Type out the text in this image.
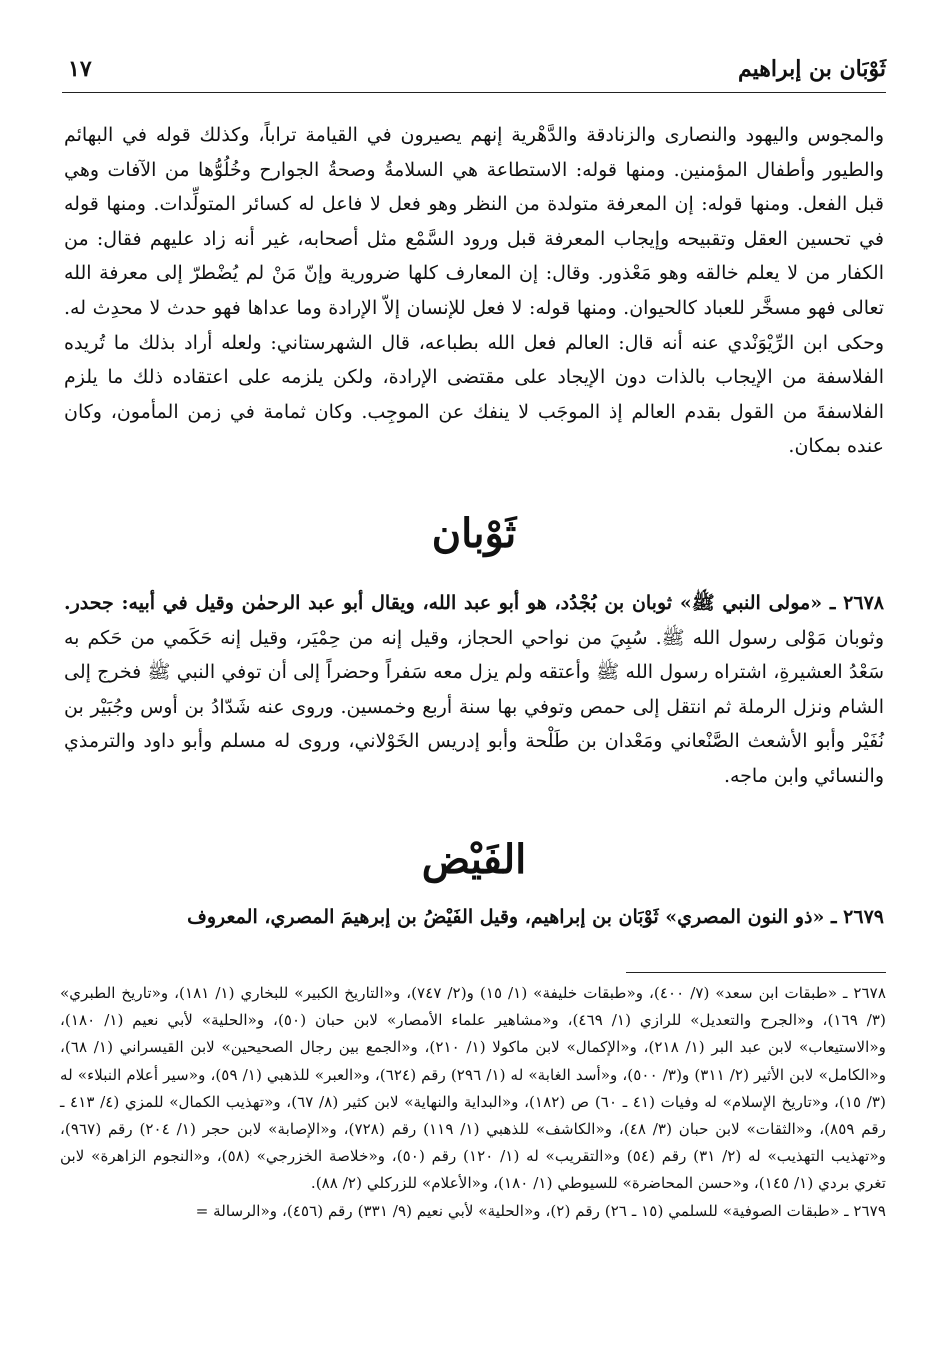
ثَوْبَان بن إبراهيم
١٧

والمجوس واليهود والنصارى والزنادقة والدَّهْرية إنهم يصيرون في القيامة تراباً، وكذلك قوله في البهائم والطيور وأطفال المؤمنين. ومنها قوله: الاستطاعة هي السلامةُ وصحةُ الجوارح وخُلُوُّها من الآفات وهي قبل الفعل. ومنها قوله: إن المعرفة متولدة من النظر وهو فعل لا فاعل له كسائر المتولِّدات. ومنها قوله في تحسين العقل وتقبيحه وإيجاب المعرفة قبل ورود السَّمْع مثل أصحابه، غير أنه زاد عليهم فقال: من الكفار من لا يعلم خالقه وهو مَعْذور. وقال: إن المعارف كلها ضرورية وإنّ مَنْ لم يُضْطرّ إلى معرفة الله تعالى فهو مسخَّر للعباد كالحيوان. ومنها قوله: لا فعل للإنسان إلاّ الإرادة وما عداها فهو حدث لا محدِث له. وحكى ابن الرِّيْوَنْدي عنه أنه قال: العالم فعل الله بطباعه، قال الشهرستاني: ولعله أراد بذلك ما تُريده الفلاسفة من الإيجاب بالذات دون الإيجاد على مقتضى الإرادة، ولكن يلزمه على اعتقاده ذلك ما يلزم الفلاسفةَ من القول بقدم العالم إذ الموجَب لا ينفك عن الموجِب. وكان ثمامة في زمن المأمون، وكان عنده بمكان.

ثَوْبان

٢٦٧٨ ـ «مولى النبي ﷺ» ثوبان بن بُجْدُد، هو أبو عبد الله، ويقال أبو عبد الرحمٰن وقيل في أبيه: جحدر. وثوبان مَوْلى رسول الله ﷺ. سُبِيَ من نواحي الحجاز، وقيل إنه من حِمْيَر، وقيل إنه حَكَمي من حَكم به سَعْدُ العشيرةِ، اشتراه رسول الله ﷺ وأعتقه ولم يزل معه سَفراً وحضراً إلى أن توفي النبي ﷺ فخرج إلى الشام ونزل الرملة ثم انتقل إلى حمص وتوفي بها سنة أربع وخمسين. وروى عنه شَدّادُ بن أوس وجُبَيْر بن نُفَيْر وأبو الأشعث الصَّنْعاني ومَعْدان بن طَلْحة وأبو إدريس الخَوْلاني، وروى له مسلم وأبو داود والترمذي والنسائي وابن ماجه.

الفَيْض

٢٦٧٩ ـ «ذو النون المصري» ثَوْبَان بن إبراهيم، وقيل الفَيْضُ بن إبرهيمَ المصري، المعروف

٢٦٧٨ ـ «طبقات ابن سعد» (٧/ ٤٠٠)، و«طبقات خليفة» (١/ ١٥) و(٢/ ٧٤٧)، و«التاريخ الكبير» للبخاري (١/ ١٨١)، و«تاريخ الطبري» (٣/ ١٦٩)، و«الجرح والتعديل» للرازي (١/ ٤٦٩)، و«مشاهير علماء الأمصار» لابن حبان (٥٠)، و«الحلية» لأبي نعيم (١/ ١٨٠)، و«الاستيعاب» لابن عبد البر (١/ ٢١٨)، و«الإكمال» لابن ماكولا (١/ ٢١٠)، و«الجمع بين رجال الصحيحين» لابن القيسراني (١/ ٦٨)، و«الكامل» لابن الأثير (٢/ ٣١١) و(٣/ ٥٠٠)، و«أسد الغابة» له (١/ ٢٩٦) رقم (٦٢٤)، و«العبر» للذهبي (١/ ٥٩)، و«سير أعلام النبلاء» له (٣/ ١٥)، و«تاريخ الإسلام» له وفيات (٤١ ـ ٦٠) ص (١٨٢)، و«البداية والنهاية» لابن كثير (٨/ ٦٧)، و«تهذيب الكمال» للمزي (٤/ ٤١٣ ـ رقم ٨٥٩)، و«الثقات» لابن حبان (٣/ ٤٨)، و«الكاشف» للذهبي (١/ ١١٩) رقم (٧٢٨)، و«الإصابة» لابن حجر (١/ ٢٠٤) رقم (٩٦٧)، و«تهذيب التهذيب» له (٢/ ٣١) رقم (٥٤) و«التقريب» له (١/ ١٢٠) رقم (٥٠)، و«خلاصة الخزرجي» (٥٨)، و«النجوم الزاهرة» لابن تغري بردي (١/ ١٤٥)، و«حسن المحاضرة» للسيوطي (١/ ١٨٠)، و«الأعلام» للزركلي (٢/ ٨٨).

٢٦٧٩ ـ «طبقات الصوفية» للسلمي (١٥ ـ ٢٦) رقم (٢)، و«الحلية» لأبي نعيم (٩/ ٣٣١) رقم (٤٥٦)، و«الرسالة =
